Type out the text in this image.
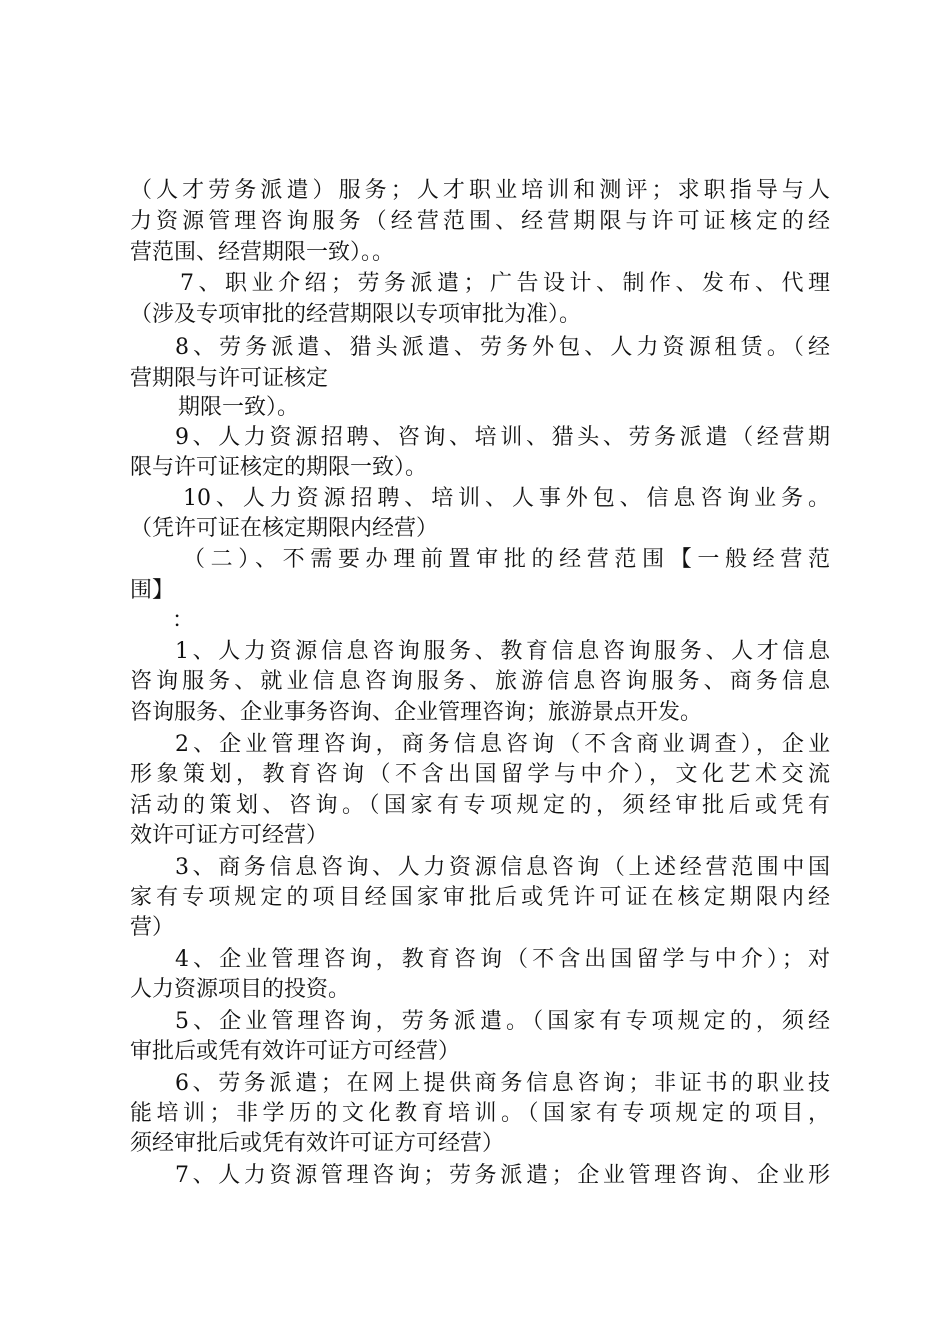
（人才劳务派遣）服务；人才职业培训和测评；求职指导与人
力资源管理咨询服务（经营范围、经营期限与许可证核定的经
营范围、经营期限一致）。。
7、职业介绍；劳务派遣；广告设计、制作、发布、代理
（涉及专项审批的经营期限以专项审批为准）。
8、劳务派遣、猎头派遣、劳务外包、人力资源租赁。（经
营期限与许可证核定
期限一致）。
9、人力资源招聘、咨询、培训、猎头、劳务派遣（经营期
限与许可证核定的期限一致）。
10、人力资源招聘、培训、人事外包、信息咨询业务。
（凭许可证在核定期限内经营）
（二）、不需要办理前置审批的经营范围【一般经营范
围】
：
1、人力资源信息咨询服务、教育信息咨询服务、人才信息
咨询服务、就业信息咨询服务、旅游信息咨询服务、商务信息
咨询服务、企业事务咨询、企业管理咨询；旅游景点开发。
2、企业管理咨询，商务信息咨询（不含商业调查），企业
形象策划，教育咨询（不含出国留学与中介），文化艺术交流
活动的策划、咨询。（国家有专项规定的，须经审批后或凭有
效许可证方可经营）
3、商务信息咨询、人力资源信息咨询（上述经营范围中国
家有专项规定的项目经国家审批后或凭许可证在核定期限内经
营）
4、企业管理咨询，教育咨询（不含出国留学与中介）；对
人力资源项目的投资。
5、企业管理咨询，劳务派遣。（国家有专项规定的，须经
审批后或凭有效许可证方可经营）
6、劳务派遣；在网上提供商务信息咨询；非证书的职业技
能培训；非学历的文化教育培训。（国家有专项规定的项目，
须经审批后或凭有效许可证方可经营）
7、人力资源管理咨询；劳务派遣；企业管理咨询、企业形
